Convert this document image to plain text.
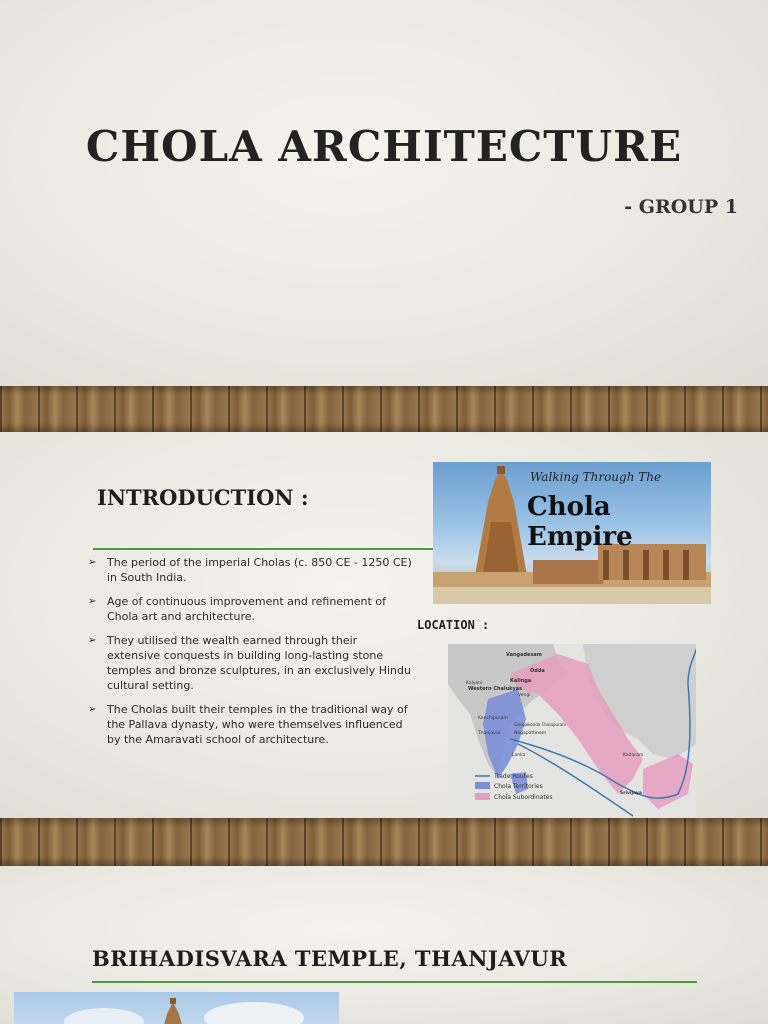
CHOLA ARCHITECTURE
- GROUP 1
INTRODUCTION :
➢ The period of the imperial Cholas (c. 850 CE - 1250 CE) in South India.
➢ Age of continuous improvement and refinement of Chola art and architecture.
➢ They utilised the wealth earned through their extensive conquests in building long-lasting stone temples and bronze sculptures, in an exclusively Hindu cultural setting.
➢ The Cholas built their temples in the traditional way of the Pallava dynasty, who were themselves influenced by the Amaravati school of architecture.
Walking Through The
Chola Empire
LOCATION :
Vangadesam
Odda
Kalinga
Western Chalukyas
Kalyani
Vengi
Kanchipuram
Thanjavur
Gangaikonda Cholapuram
Nagapattinam
Lanka	Kadaram
Srivijaya
Trade Routes
Chola Territories
Chola Subordinates
BRIHADISVARA TEMPLE, THANJAVUR
